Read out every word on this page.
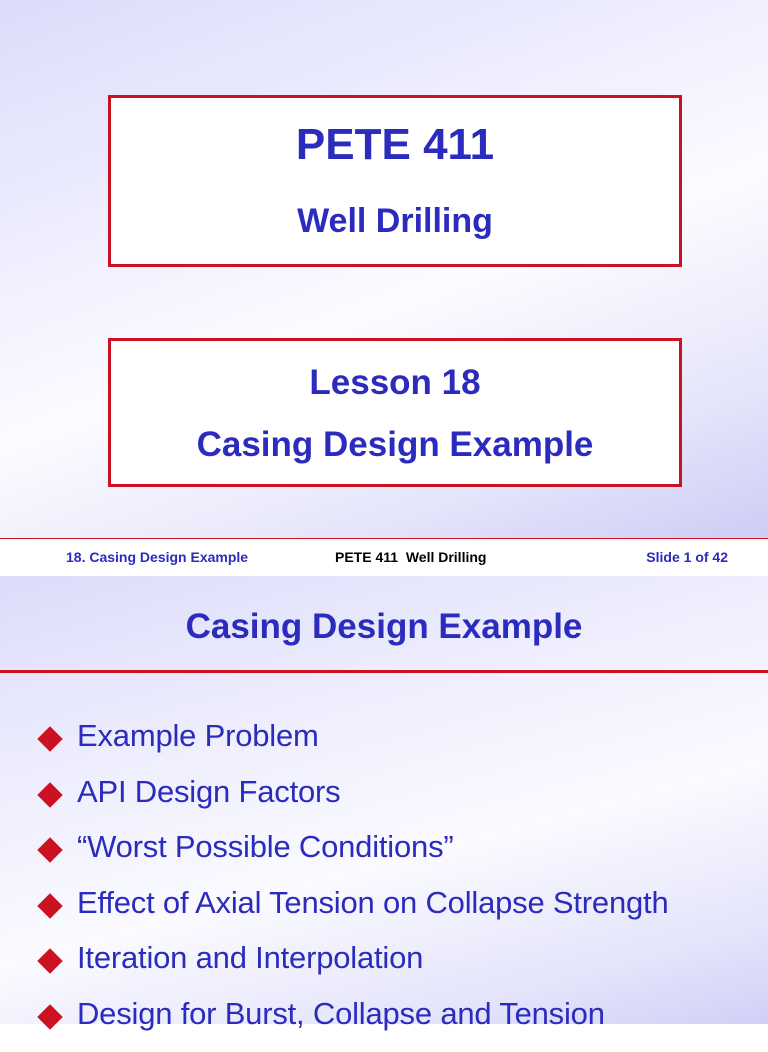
PETE 411
Well Drilling
Lesson 18
Casing Design Example
18. Casing Design Example	PETE 411  Well Drilling	Slide 1 of 42
Casing Design Example
Example Problem
API Design Factors
“Worst Possible Conditions”
Effect of Axial Tension on Collapse Strength
Iteration and Interpolation
Design for Burst, Collapse and Tension
